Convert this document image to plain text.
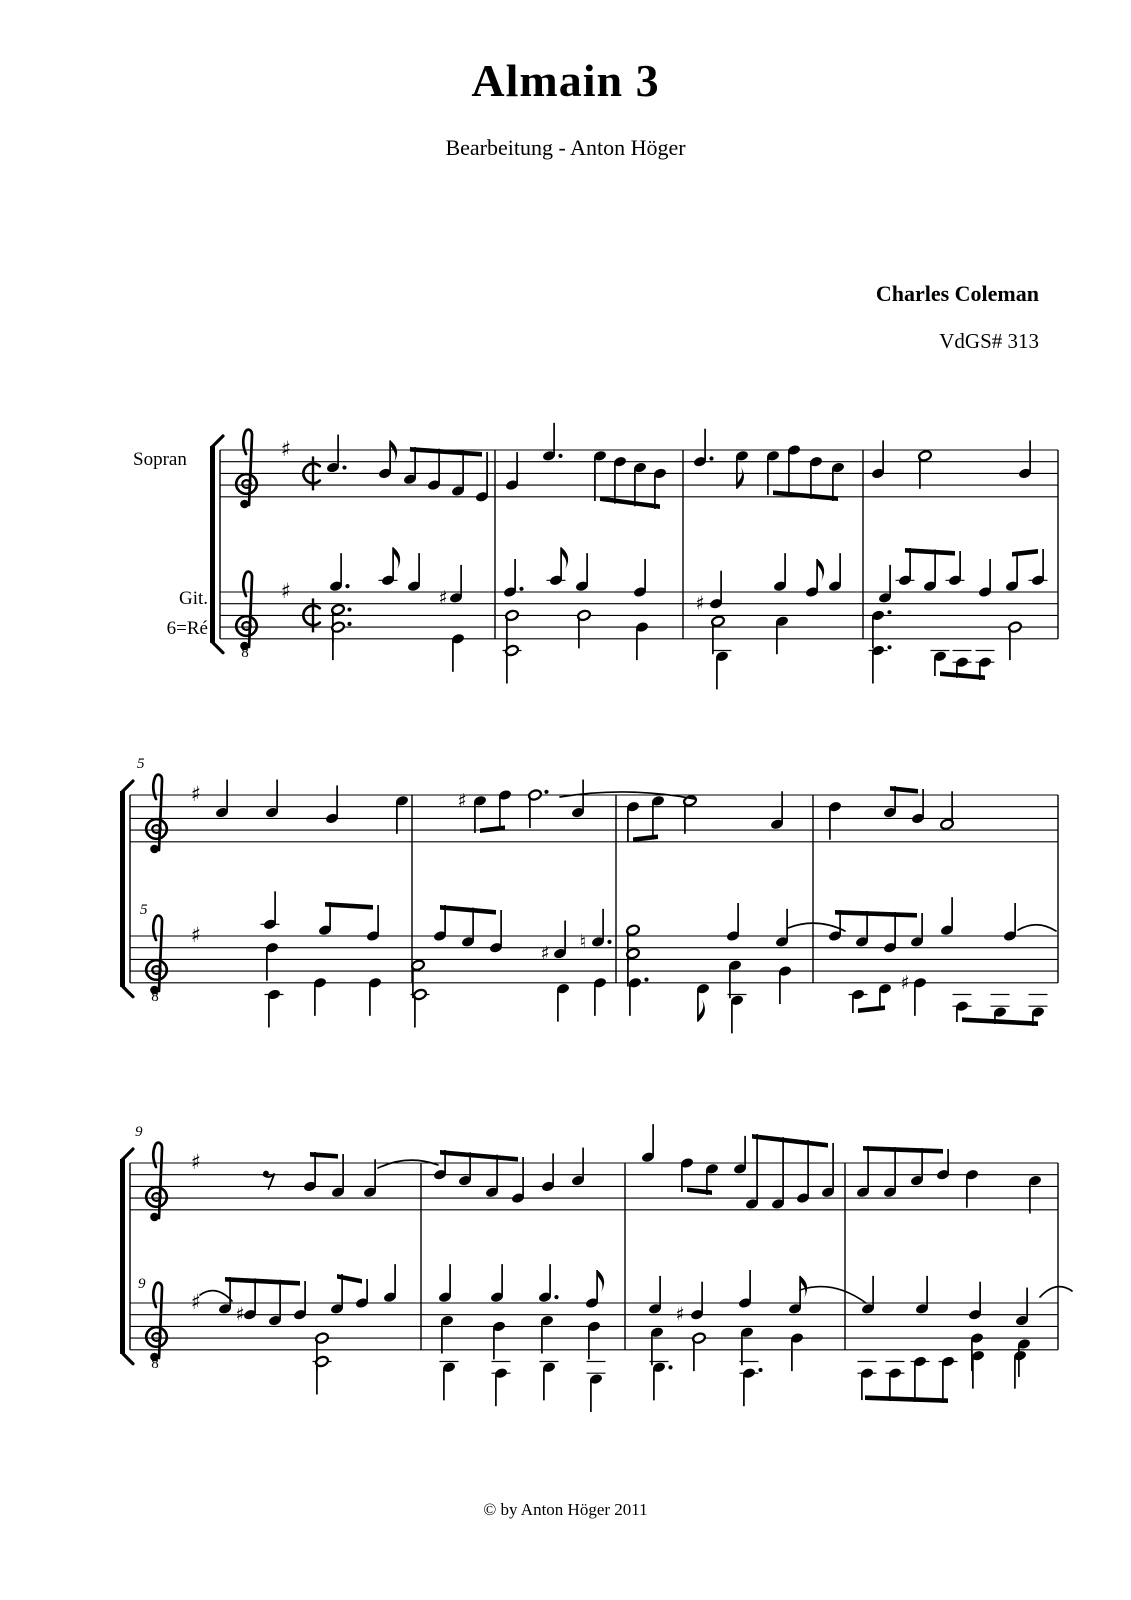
♯
♯
8
♯	♯
♯
5
♯
♯
8
5
♯
♮
♯
♯
9
♯
8
9
♯	♯
Almain 3
Bearbeitung - Anton Höger
Charles Coleman
VdGS# 313
Sopran
Git.
6=Ré
© by Anton Höger 2011
